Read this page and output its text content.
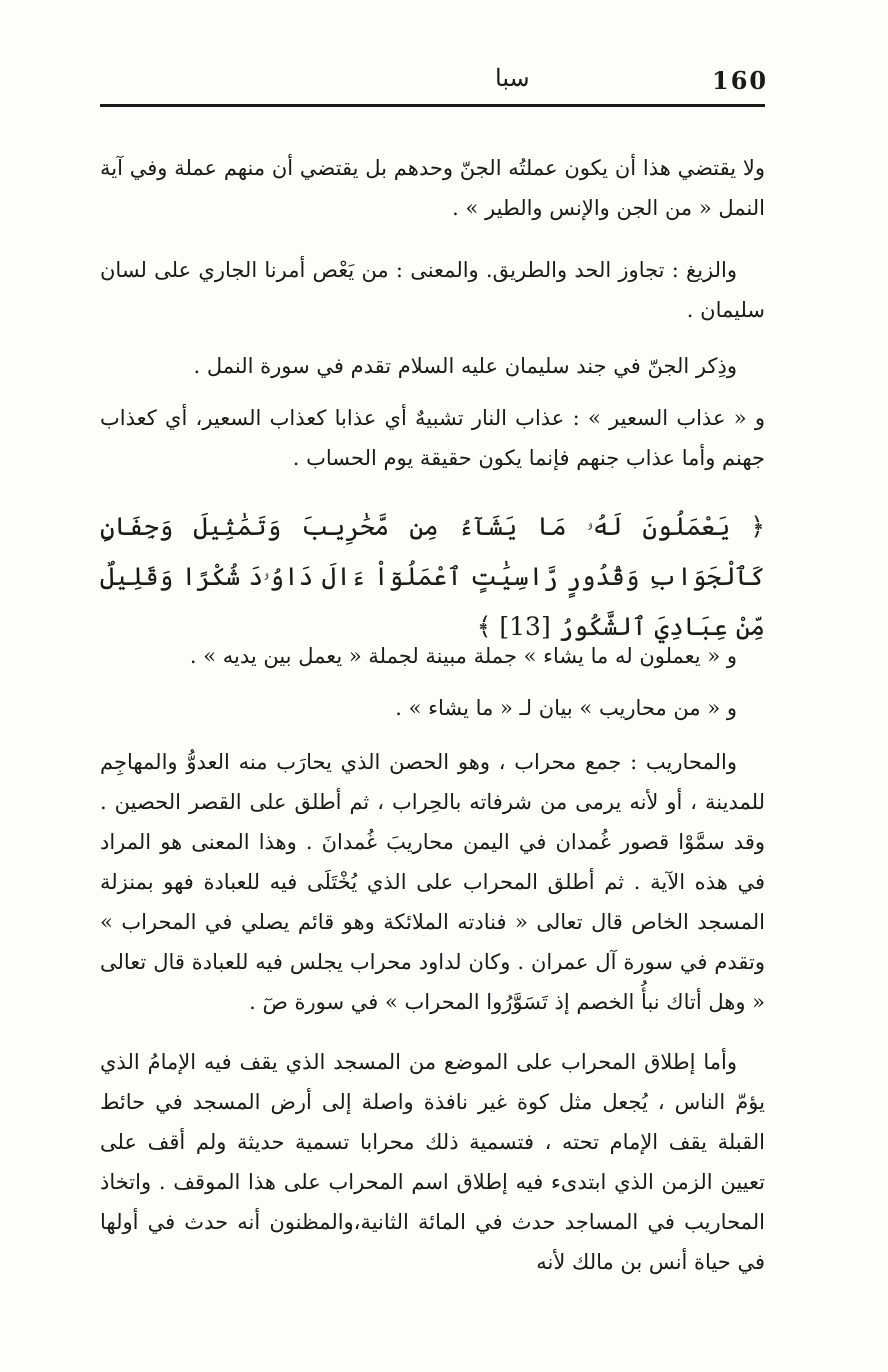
160
سبا
ولا يقتضي هذا أن يكون عملتُه الجنّ وحدهم بل يقتضي أن منهم عملة وفي آية النمل « من الجن والإنس والطير » .
والزيغ : تجاوز الحد والطريق. والمعنى : من يَعْص أمرنا الجاري على لسان سليمان .
وذِكر الجنّ في جند سليمان عليه السلام تقدم في سورة النمل .
و « عذاب السعير » : عذاب النار تشبيهٌ أي عذابا كعذاب السعير، أي كعذاب جهنم وأما عذاب جنهم فإنما يكون حقيقة يوم الحساب .
﴿ يَعْمَلُونَ لَهُۥ مَا يَشَآءُ مِن مَّحَٰرِيبَ وَتَمَٰثِيلَ وَجِفَانٍ كَٱلْجَوَابِ وَقُدُورٍ رَّاسِيَٰتٍ ٱعْمَلُوٓاْ ءَالَ دَاوُۥدَ شُكْرًا وَقَلِيلٌ مِّنْ عِبَادِيَ ٱلشَّكُورُ [13] ﴾
و « يعملون له ما يشاء » جملة مبينة لجملة « يعمل بين يديه » .
و « من محاريب » بيان لـ « ما يشاء » .
والمحاريب : جمع محراب ، وهو الحصن الذي يحارَب منه العدوُّ والمهاجِم للمدينة ، أو لأنه يرمى من شرفاته بالحِراب ، ثم أطلق على القصر الحصين . وقد سمَّوْا قصور غُمدان في اليمن محاريبَ غُمدانَ . وهذا المعنى هو المراد في هذه الآية . ثم أطلق المحراب على الذي يُخْتَلَى فيه للعبادة فهو بمنزلة المسجد الخاص قال تعالى « فنادته الملائكة وهو قائم يصلي في المحراب » وتقدم في سورة آل عمران . وكان لداود محراب يجلس فيه للعبادة قال تعالى « وهل أتاك نبأُ الخصم إذ تَسَوَّرُوا المحراب » في سورة صٓ .
وأما إطلاق المحراب على الموضع من المسجد الذي يقف فيه الإمامُ الذي يؤمّ الناس ، يُجعل مثل كوة غير نافذة واصلة إلى أرض المسجد في حائط القبلة يقف الإمام تحته ، فتسمية ذلك محرابا تسمية حديثة ولم أقف على تعيين الزمن الذي ابتدىء فيه إطلاق اسم المحراب على هذا الموقف . واتخاذ المحاريب في المساجد حدث في المائة الثانية،والمظنون أنه حدث في أولها في حياة أنس بن مالك لأنه
